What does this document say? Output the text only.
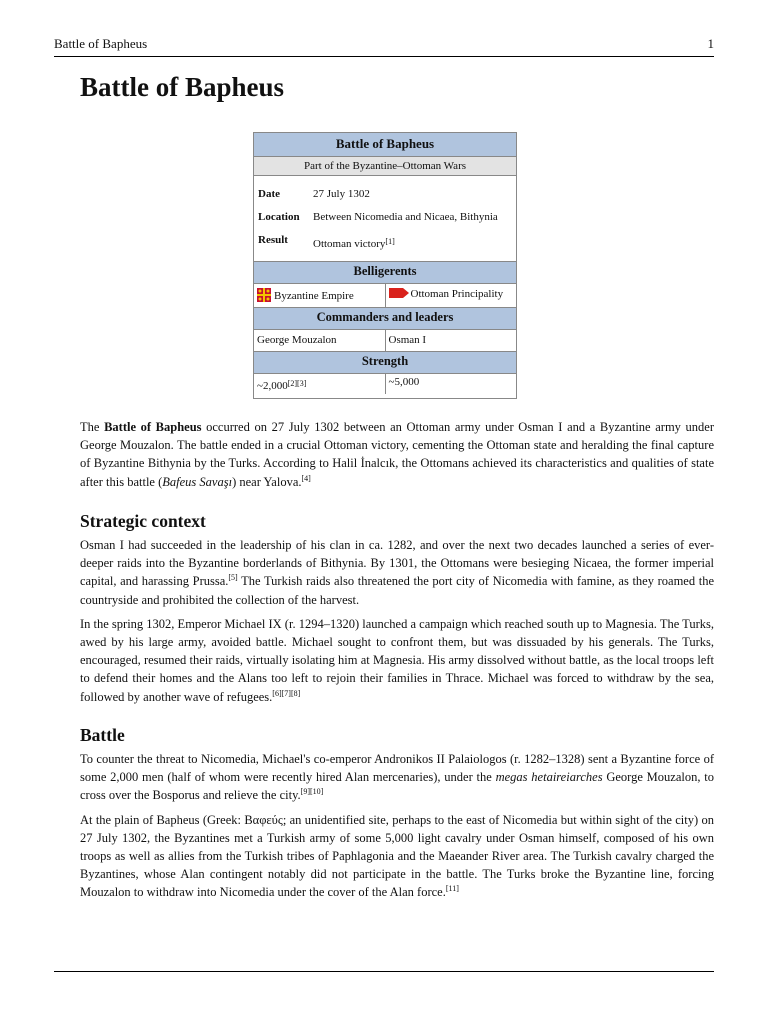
Battle of Bapheus	1
Battle of Bapheus
Battle of Bapheus
Part of the Byzantine–Ottoman Wars
Date	27 July 1302
Location	Between Nicomedia and Nicaea, Bithynia
Result	Ottoman victory[1]
Belligerents
Byzantine Empire	Ottoman Principality
Commanders and leaders
George Mouzalon	Osman I
Strength
~2,000[2][3]	~5,000

The Battle of Bapheus occurred on 27 July 1302 between an Ottoman army under Osman I and a Byzantine army under George Mouzalon. The battle ended in a crucial Ottoman victory, cementing the Ottoman state and heralding the final capture of Byzantine Bithynia by the Turks. According to Halil İnalcık, the Ottomans achieved its characteristics and qualities of state after this battle (Bafeus Savaşı) near Yalova.[4]

Strategic context

Osman I had succeeded in the leadership of his clan in ca. 1282, and over the next two decades launched a series of ever-deeper raids into the Byzantine borderlands of Bithynia. By 1301, the Ottomans were besieging Nicaea, the former imperial capital, and harassing Prussa.[5] The Turkish raids also threatened the port city of Nicomedia with famine, as they roamed the countryside and prohibited the collection of the harvest.

In the spring 1302, Emperor Michael IX (r. 1294–1320) launched a campaign which reached south up to Magnesia. The Turks, awed by his large army, avoided battle. Michael sought to confront them, but was dissuaded by his generals. The Turks, encouraged, resumed their raids, virtually isolating him at Magnesia. His army dissolved without battle, as the local troops left to defend their homes and the Alans too left to rejoin their families in Thrace. Michael was forced to withdraw by the sea, followed by another wave of refugees.[6][7][8]

Battle

To counter the threat to Nicomedia, Michael's co-emperor Andronikos II Palaiologos (r. 1282–1328) sent a Byzantine force of some 2,000 men (half of whom were recently hired Alan mercenaries), under the megas hetaireiarches George Mouzalon, to cross over the Bosporus and relieve the city.[9][10]

At the plain of Bapheus (Greek: Βαφεύς; an unidentified site, perhaps to the east of Nicomedia but within sight of the city) on 27 July 1302, the Byzantines met a Turkish army of some 5,000 light cavalry under Osman himself, composed of his own troops as well as allies from the Turkish tribes of Paphlagonia and the Maeander River area. The Turkish cavalry charged the Byzantines, whose Alan contingent notably did not participate in the battle. The Turks broke the Byzantine line, forcing Mouzalon to withdraw into Nicomedia under the cover of the Alan force.[11]
